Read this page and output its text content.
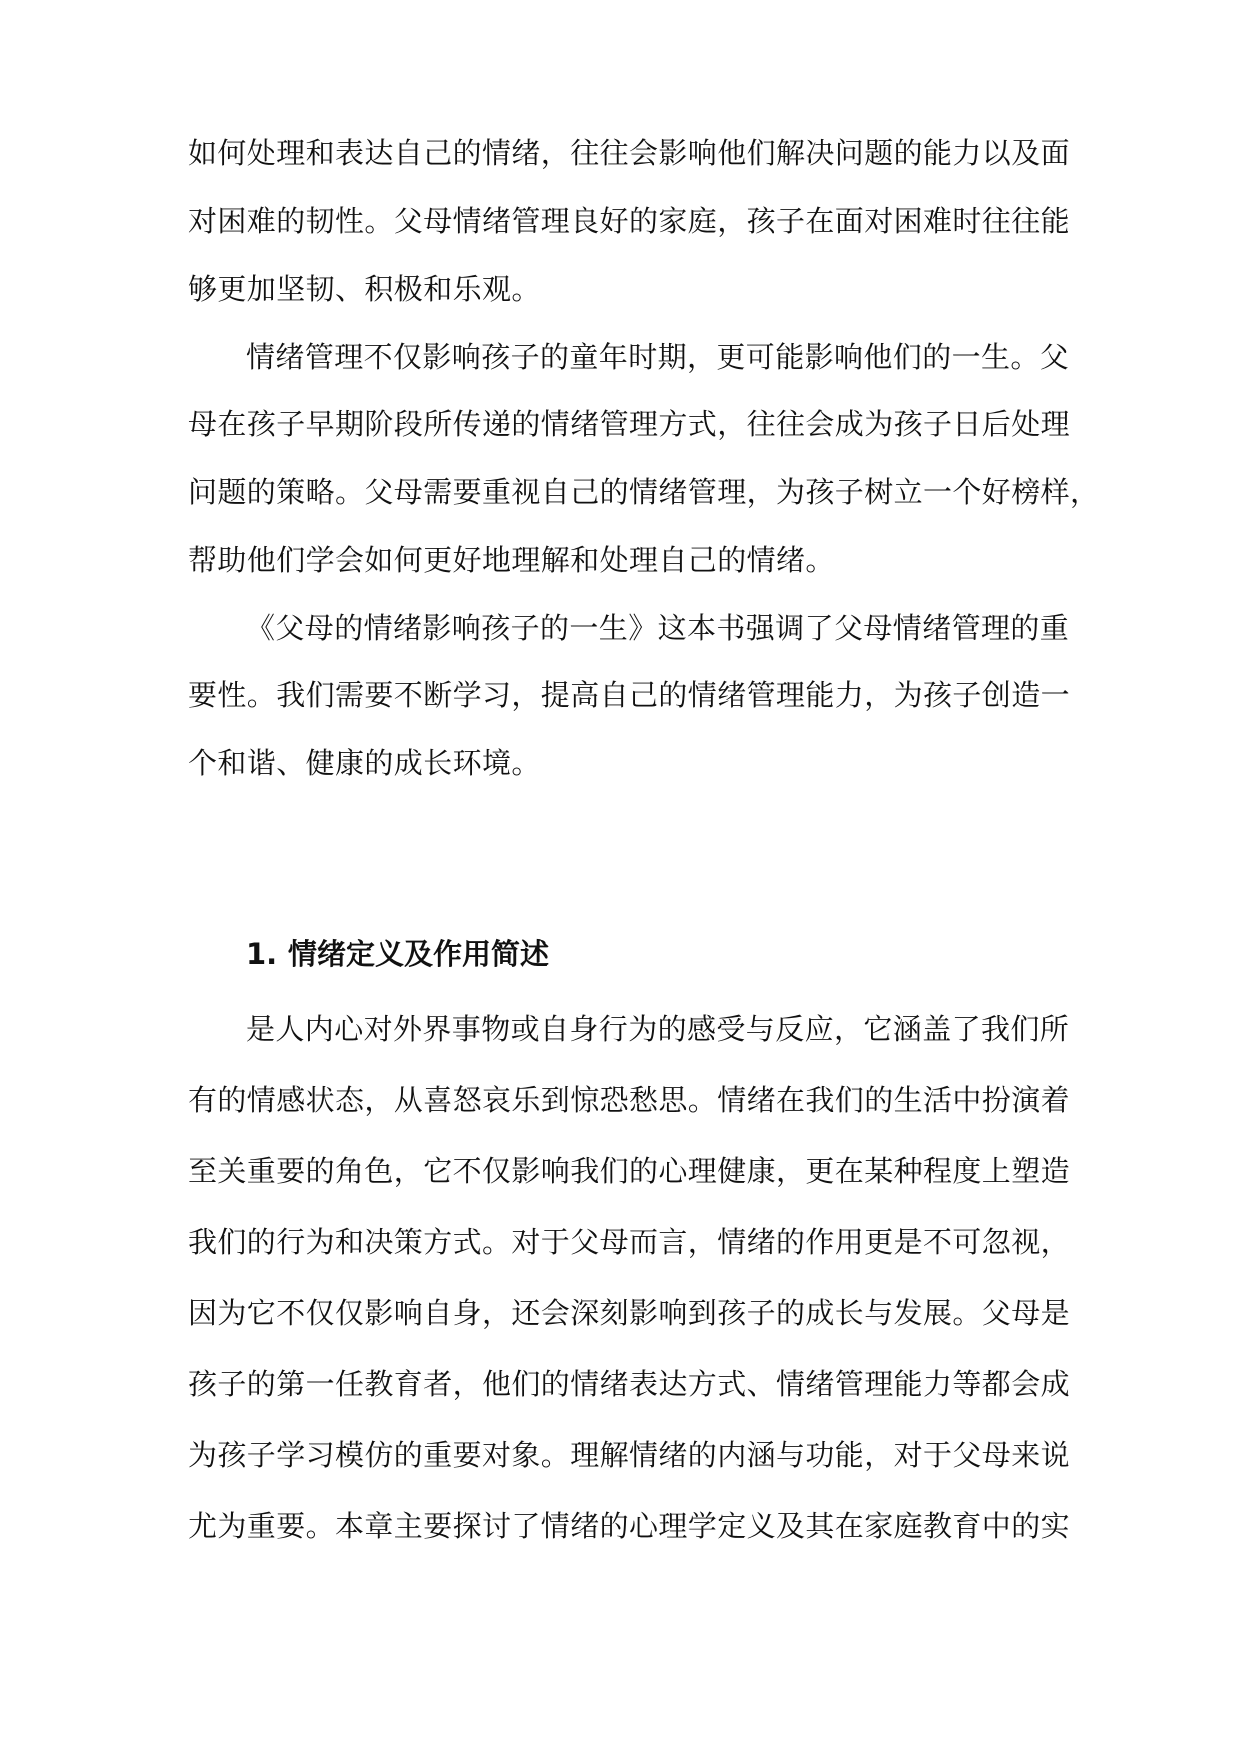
如何处理和表达自己的情绪，往往会影响他们解决问题的能力以及面
对困难的韧性。父母情绪管理良好的家庭，孩子在面对困难时往往能
够更加坚韧、积极和乐观。
情绪管理不仅影响孩子的童年时期，更可能影响他们的一生。父
母在孩子早期阶段所传递的情绪管理方式，往往会成为孩子日后处理
问题的策略。父母需要重视自己的情绪管理，为孩子树立一个好榜样，
帮助他们学会如何更好地理解和处理自己的情绪。
《父母的情绪影响孩子的一生》这本书强调了父母情绪管理的重
要性。我们需要不断学习，提高自己的情绪管理能力，为孩子创造一
个和谐、健康的成长环境。
1. 情绪定义及作用简述
是人内心对外界事物或自身行为的感受与反应，它涵盖了我们所
有的情感状态，从喜怒哀乐到惊恐愁思。情绪在我们的生活中扮演着
至关重要的角色，它不仅影响我们的心理健康，更在某种程度上塑造
我们的行为和决策方式。对于父母而言，情绪的作用更是不可忽视，
因为它不仅仅影响自身，还会深刻影响到孩子的成长与发展。父母是
孩子的第一任教育者，他们的情绪表达方式、情绪管理能力等都会成
为孩子学习模仿的重要对象。理解情绪的内涵与功能，对于父母来说
尤为重要。本章主要探讨了情绪的心理学定义及其在家庭教育中的实
